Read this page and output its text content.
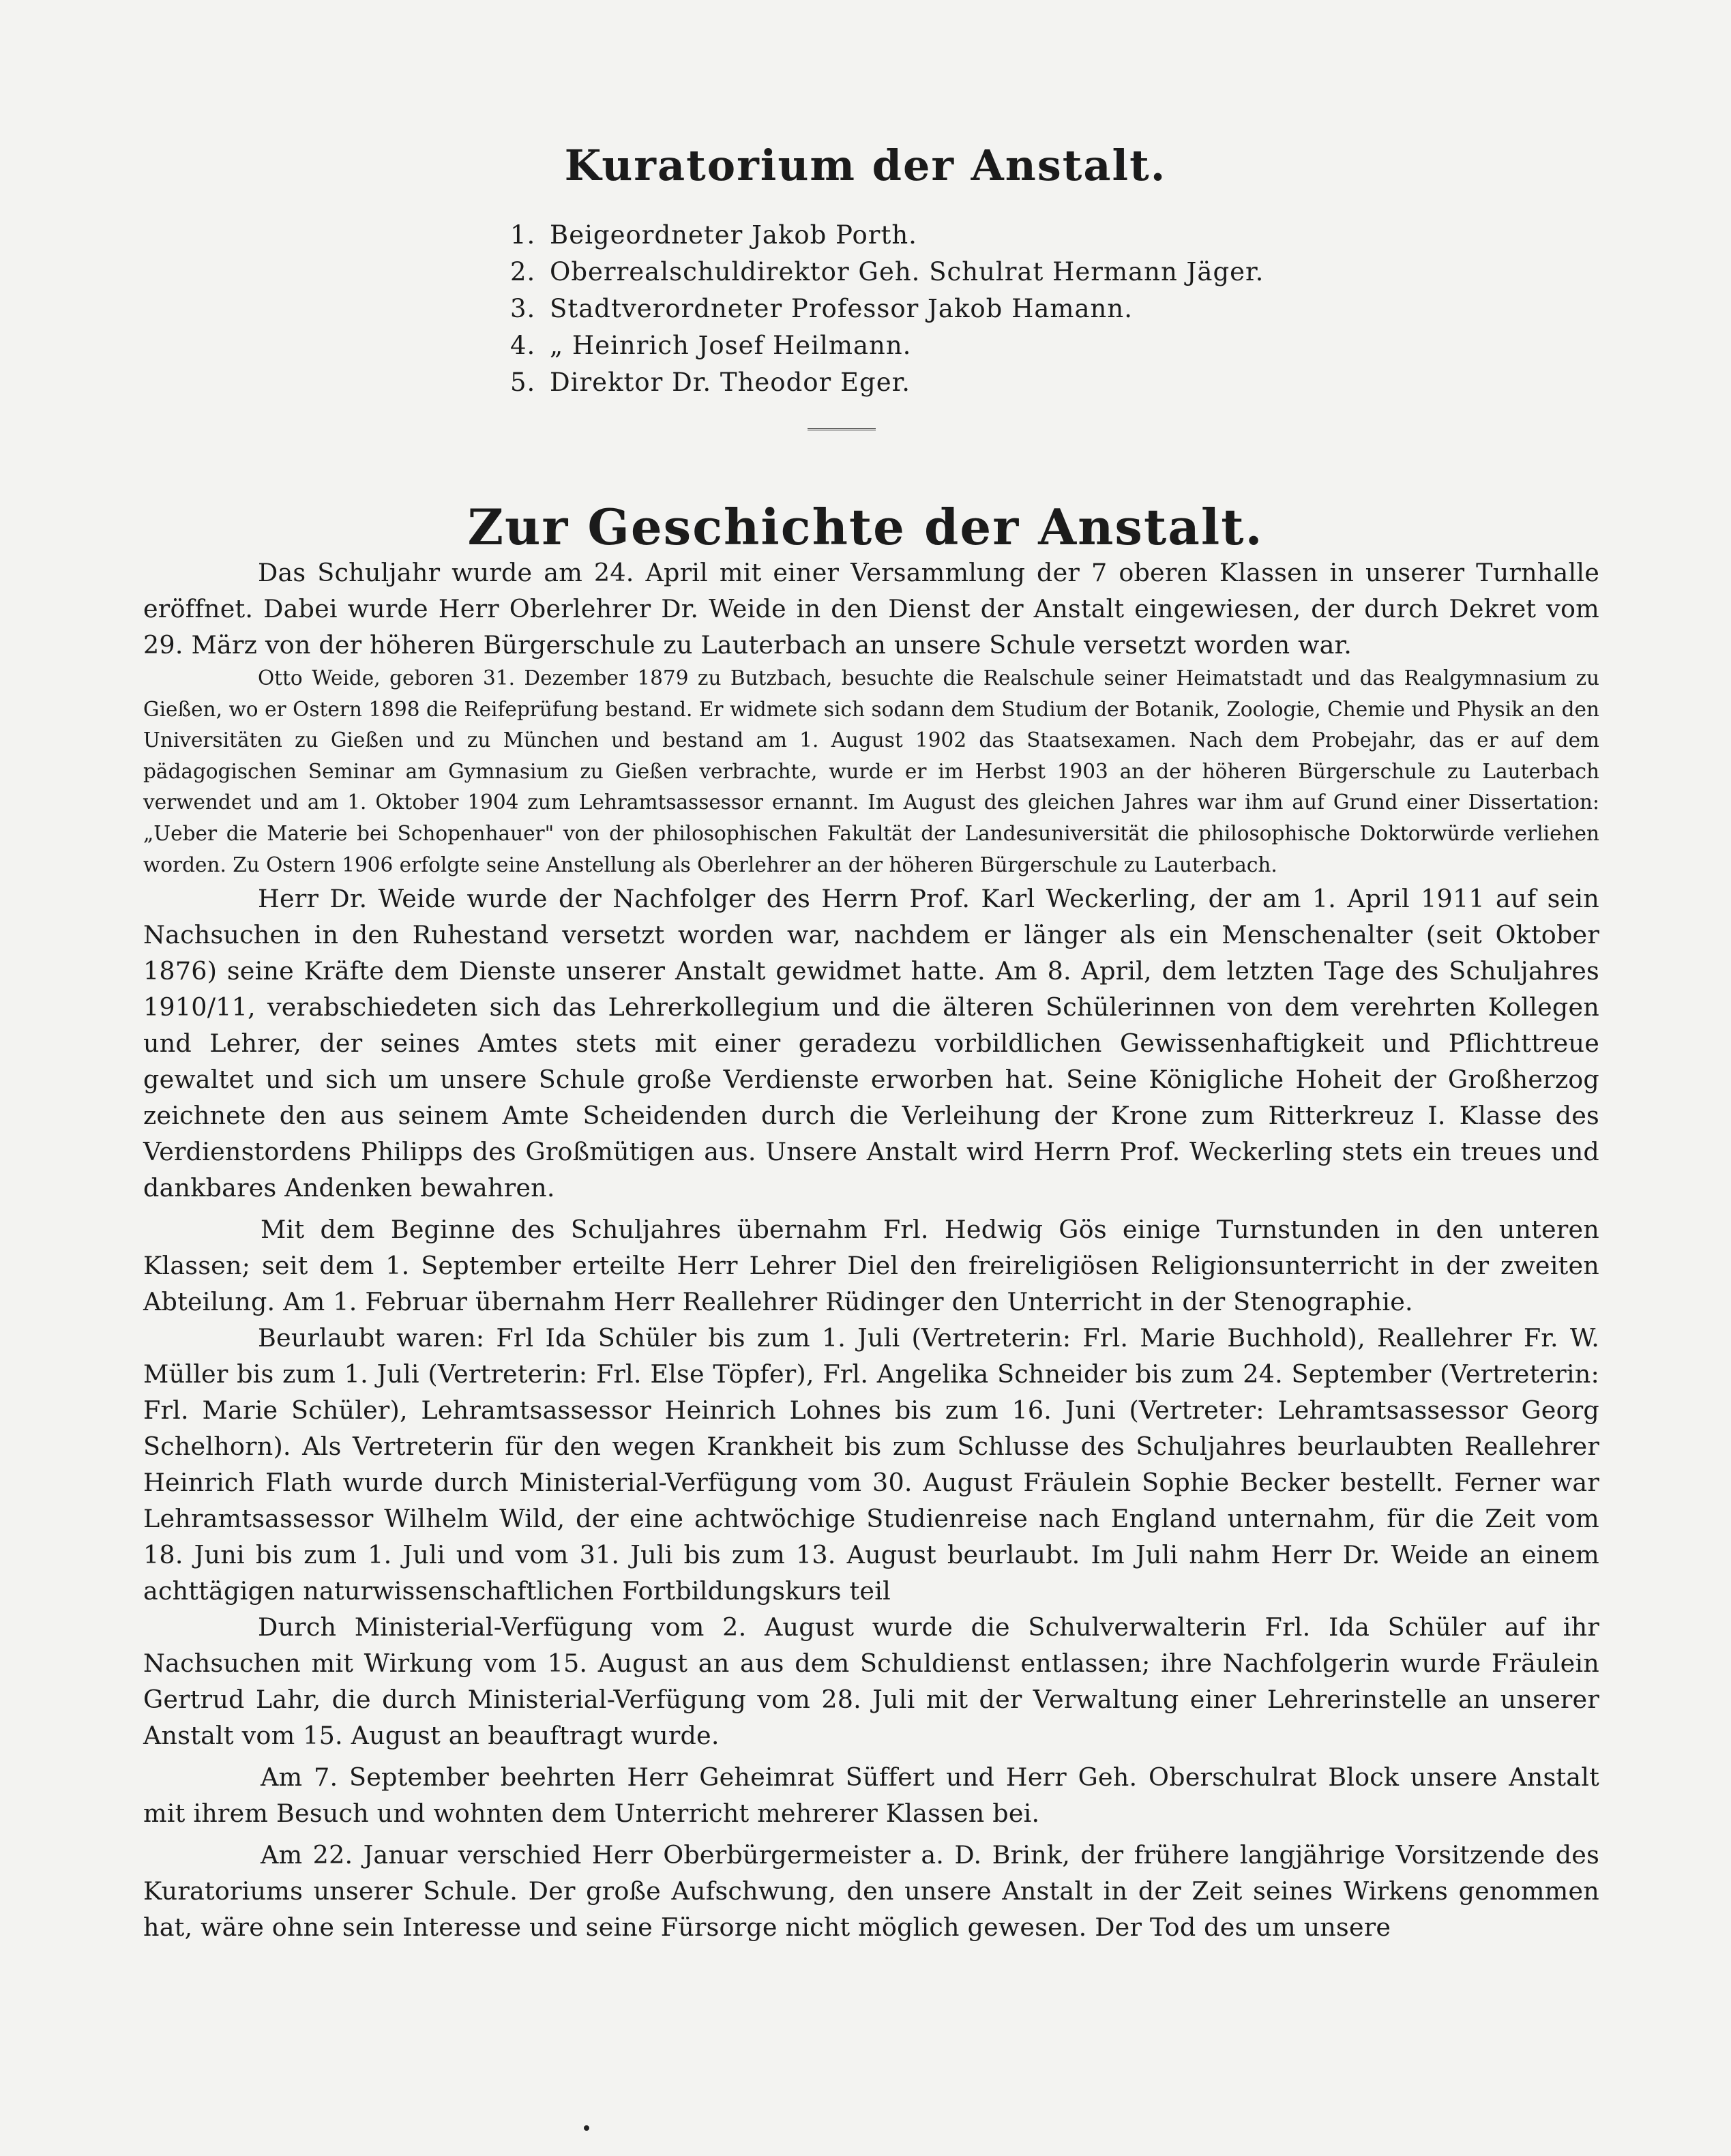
Kuratorium der Anstalt.
1. Beigeordneter Jakob Porth.
2. Oberrealschuldirektor Geh. Schulrat Hermann Jäger.
3. Stadtverordneter Professor Jakob Hamann.
4. „ Heinrich Josef Heilmann.
5. Direktor Dr. Theodor Eger.
Zur Geschichte der Anstalt.

Das Schuljahr wurde am 24. April mit einer Versammlung der 7 oberen Klassen in unserer Turnhalle eröffnet. Dabei wurde Herr Oberlehrer Dr. Weide in den Dienst der Anstalt eingewiesen, der durch Dekret vom 29. März von der höheren Bürgerschule zu Lauterbach an unsere Schule versetzt worden war.

Otto Weide, geboren 31. Dezember 1879 zu Butzbach, besuchte die Realschule seiner Heimatstadt und das Realgymnasium zu Gießen, wo er Ostern 1898 die Reifeprüfung bestand. Er widmete sich sodann dem Studium der Botanik, Zoologie, Chemie und Physik an den Universitäten zu Gießen und zu München und bestand am 1. August 1902 das Staatsexamen. Nach dem Probejahr, das er auf dem pädagogischen Seminar am Gymnasium zu Gießen verbrachte, wurde er im Herbst 1903 an der höheren Bürgerschule zu Lauterbach verwendet und am 1. Oktober 1904 zum Lehramtsassessor ernannt. Im August des gleichen Jahres war ihm auf Grund einer Dissertation: „Ueber die Materie bei Schopenhauer" von der philosophischen Fakultät der Landesuniversität die philosophische Doktorwürde verliehen worden. Zu Ostern 1906 erfolgte seine Anstellung als Oberlehrer an der höheren Bürgerschule zu Lauterbach.

Herr Dr. Weide wurde der Nachfolger des Herrn Prof. Karl Weckerling, der am 1. April 1911 auf sein Nachsuchen in den Ruhestand versetzt worden war, nachdem er länger als ein Menschenalter (seit Oktober 1876) seine Kräfte dem Dienste unserer Anstalt gewidmet hatte. Am 8. April, dem letzten Tage des Schuljahres 1910/11, verabschiedeten sich das Lehrerkollegium und die älteren Schülerinnen von dem verehrten Kollegen und Lehrer, der seines Amtes stets mit einer geradezu vorbildlichen Gewissenhaftigkeit und Pflichttreue gewaltet und sich um unsere Schule große Verdienste erworben hat. Seine Königliche Hoheit der Großherzog zeichnete den aus seinem Amte Scheidenden durch die Verleihung der Krone zum Ritterkreuz I. Klasse des Verdienstordens Philipps des Großmütigen aus. Unsere Anstalt wird Herrn Prof. Weckerling stets ein treues und dankbares Andenken bewahren.

Mit dem Beginne des Schuljahres übernahm Frl. Hedwig Gös einige Turnstunden in den unteren Klassen; seit dem 1. September erteilte Herr Lehrer Diel den freireligiösen Religionsunterricht in der zweiten Abteilung. Am 1. Februar übernahm Herr Reallehrer Rüdinger den Unterricht in der Stenographie.

Beurlaubt waren: Frl Ida Schüler bis zum 1. Juli (Vertreterin: Frl. Marie Buchhold), Reallehrer Fr. W. Müller bis zum 1. Juli (Vertreterin: Frl. Else Töpfer), Frl. Angelika Schneider bis zum 24. September (Vertreterin: Frl. Marie Schüler), Lehramtsassessor Heinrich Lohnes bis zum 16. Juni (Vertreter: Lehramtsassessor Georg Schelhorn). Als Vertreterin für den wegen Krankheit bis zum Schlusse des Schuljahres beurlaubten Reallehrer Heinrich Flath wurde durch Ministerial-Verfügung vom 30. August Fräulein Sophie Becker bestellt. Ferner war Lehramtsassessor Wilhelm Wild, der eine achtwöchige Studienreise nach England unternahm, für die Zeit vom 18. Juni bis zum 1. Juli und vom 31. Juli bis zum 13. August beurlaubt. Im Juli nahm Herr Dr. Weide an einem achttägigen naturwissenschaftlichen Fortbildungskurs teil

Durch Ministerial-Verfügung vom 2. August wurde die Schulverwalterin Frl. Ida Schüler auf ihr Nachsuchen mit Wirkung vom 15. August an aus dem Schuldienst entlassen; ihre Nachfolgerin wurde Fräulein Gertrud Lahr, die durch Ministerial-Verfügung vom 28. Juli mit der Verwaltung einer Lehrerinstelle an unserer Anstalt vom 15. August an beauftragt wurde.

Am 7. September beehrten Herr Geheimrat Süffert und Herr Geh. Oberschulrat Block unsere Anstalt mit ihrem Besuch und wohnten dem Unterricht mehrerer Klassen bei.

Am 22. Januar verschied Herr Oberbürgermeister a. D. Brink, der frühere langjährige Vorsitzende des Kuratoriums unserer Schule. Der große Aufschwung, den unsere Anstalt in der Zeit seines Wirkens genommen hat, wäre ohne sein Interesse und seine Fürsorge nicht möglich gewesen. Der Tod des um unsere
